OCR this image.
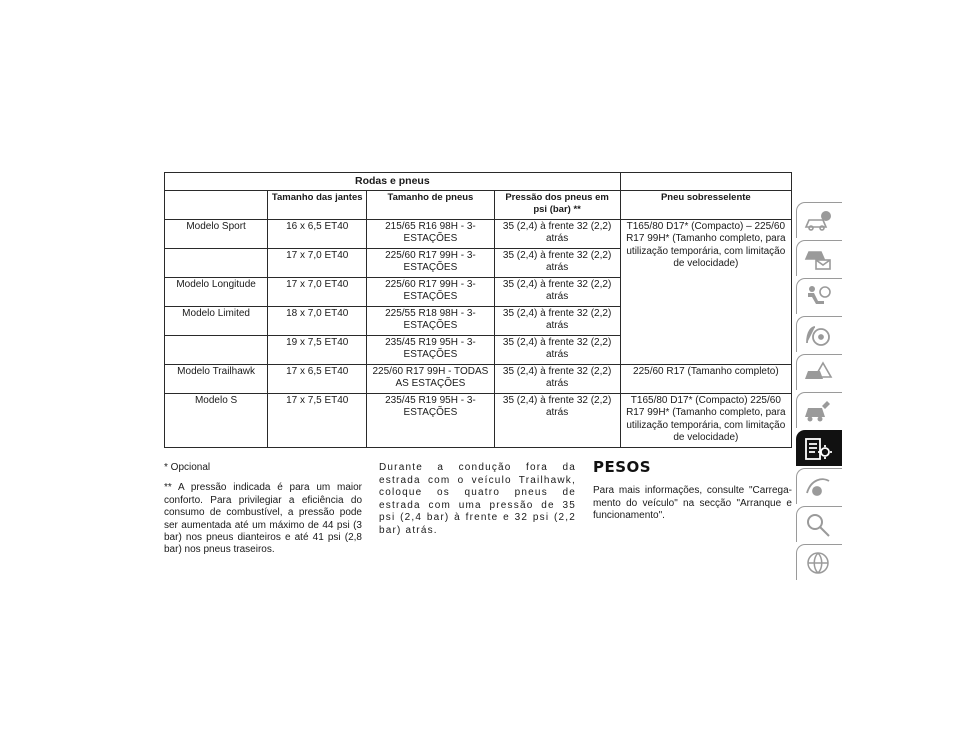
Rodas e pneus				
	Tamanho das jantes	Tamanho de pneus	Pressão dos pneus em psi (bar) **	Pneu sobresselente
Modelo Sport	16 x 6,5 ET40	215/65 R16 98H - 3-ESTAÇÕES	35 (2,4) à frente 32 (2,2) atrás	T165/80 D17* (Compacto) – 225/60 R17 99H* (Tamanho completo, para utilização temporária, com limitação de velocidade)
	17 x 7,0 ET40	225/60 R17 99H - 3-ESTAÇÕES	35 (2,4) à frente 32 (2,2) atrás	
Modelo Longitude	17 x 7,0 ET40	225/60 R17 99H - 3-ESTAÇÕES	35 (2,4) à frente 32 (2,2) atrás	
Modelo Limited	18 x 7,0 ET40	225/55 R18 98H - 3-ESTAÇÕES	35 (2,4) à frente 32 (2,2) atrás	
	19 x 7,5 ET40	235/45 R19 95H - 3-ESTAÇÕES	35 (2,4) à frente 32 (2,2) atrás	
Modelo Trailhawk	17 x 6,5 ET40	225/60 R17 99H - TODAS AS ESTAÇÕES	35 (2,4) à frente 32 (2,2) atrás	225/60 R17 (Tamanho completo)
Modelo S	17 x 7,5 ET40	235/45 R19 95H - 3-ESTAÇÕES	35 (2,4) à frente 32 (2,2) atrás	T165/80 D17* (Compacto) 225/60 R17 99H* (Tamanho completo, para utilização temporária, com limitação de velocidade)

* Opcional

** A pressão indicada é para um maior conforto. Para privilegiar a eficiência do consumo de combustível, a pressão pode ser aumentada até um máximo de 44 psi (3 bar) nos pneus dianteiros e até 41 psi (2,8 bar) nos pneus traseiros.

Durante a condução fora da estrada com o veículo Trailhawk, coloque os quatro pneus de estrada com uma pressão de 35 psi (2,4 bar) à frente e 32 psi (2,2 bar) atrás.

PESOS

Para mais informações, consulte "Carrega-mento do veículo" na secção "Arranque e funcionamento".
